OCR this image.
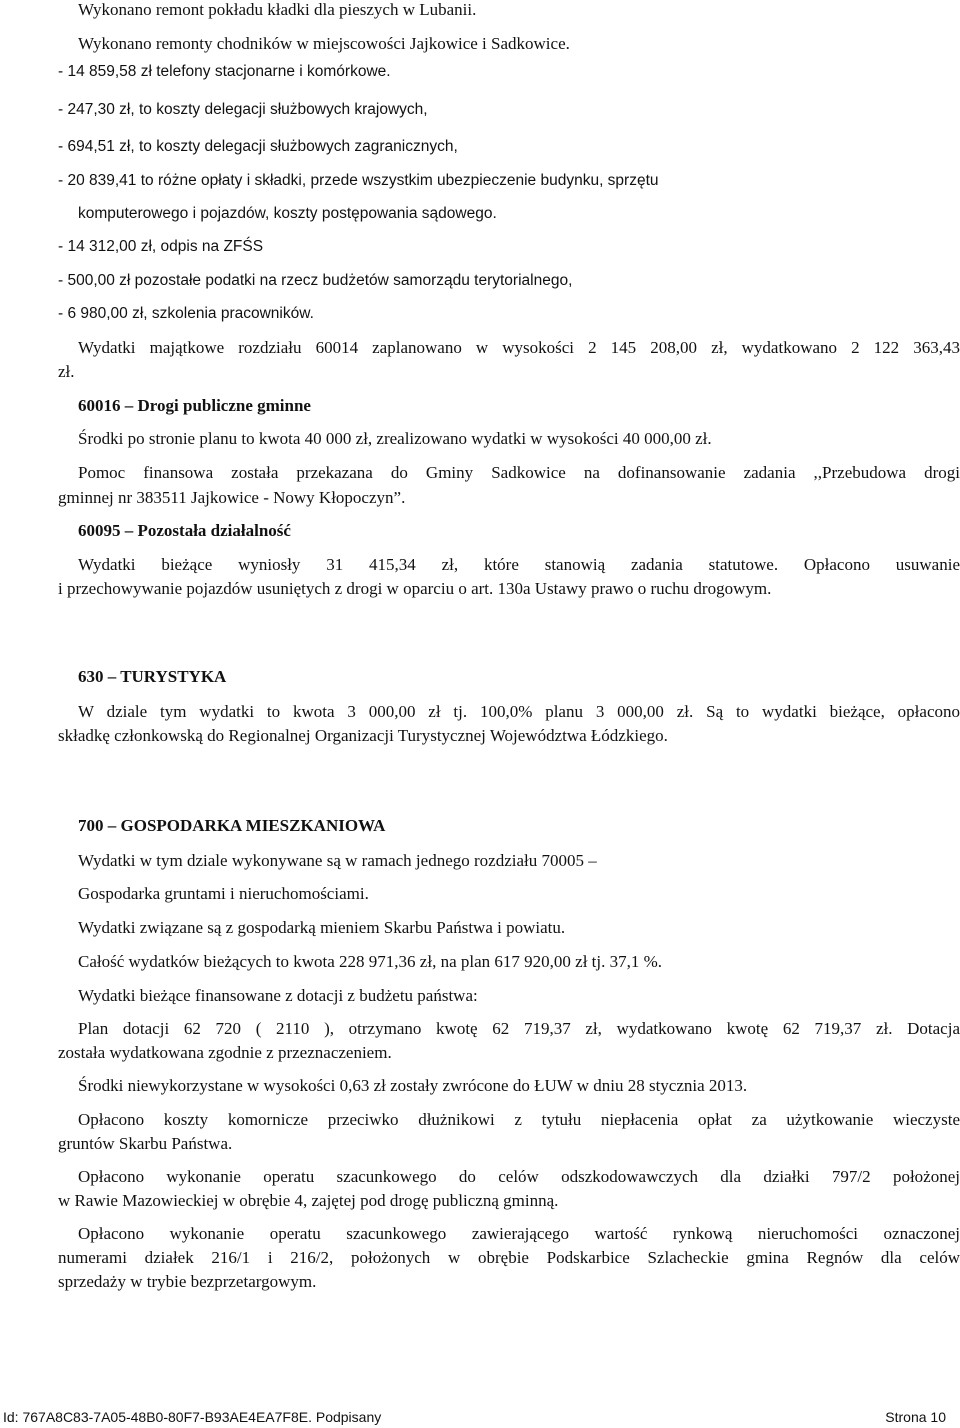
Wykonano remont pokładu kładki dla pieszych w Lubanii.
Wykonano remonty chodników w miejscowości Jajkowice i Sadkowice.
- 14 859,58 zł telefony stacjonarne i komórkowe.
- 247,30 zł, to koszty delegacji służbowych krajowych,
- 694,51 zł, to koszty delegacji służbowych zagranicznych,
- 20 839,41 to różne opłaty i składki, przede wszystkim ubezpieczenie budynku, sprzętu
komputerowego i pojazdów, koszty postępowania sądowego.
- 14 312,00 zł, odpis na ZFŚS
- 500,00 zł pozostałe podatki na rzecz budżetów samorządu terytorialnego,
- 6 980,00 zł, szkolenia pracowników.
Wydatki majątkowe rozdziału 60014 zaplanowano w wysokości 2 145 208,00 zł, wydatkowano 2 122 363,43
zł.
60016 – Drogi publiczne gminne
Środki po stronie planu to kwota 40 000 zł, zrealizowano wydatki w wysokości 40 000,00 zł.
Pomoc finansowa została przekazana do Gminy Sadkowice na dofinansowanie zadania ,,Przebudowa drogi
gminnej nr 383511 Jajkowice - Nowy Kłopoczyn”.
60095 – Pozostała działalność
Wydatki bieżące wyniosły 31 415,34 zł, które stanowią zadania statutowe. Opłacono usuwanie
i przechowywanie pojazdów usuniętych z drogi w oparciu o art. 130a Ustawy prawo o ruchu drogowym.
630 – TURYSTYKA
W dziale tym wydatki to kwota 3 000,00 zł tj. 100,0% planu 3 000,00 zł. Są to wydatki bieżące, opłacono
składkę członkowską do Regionalnej Organizacji Turystycznej Województwa Łódzkiego.
700 – GOSPODARKA MIESZKANIOWA
Wydatki w tym dziale wykonywane są w ramach jednego rozdziału 70005 –
Gospodarka gruntami i nieruchomościami.
Wydatki związane są z gospodarką mieniem Skarbu Państwa i powiatu.
Całość wydatków bieżących to kwota 228 971,36 zł, na plan 617 920,00 zł tj. 37,1 %.
Wydatki bieżące finansowane z dotacji z budżetu państwa:
Plan dotacji 62 720 ( 2110 ), otrzymano kwotę 62 719,37 zł, wydatkowano kwotę 62 719,37 zł. Dotacja
została wydatkowana zgodnie z przeznaczeniem.
Środki niewykorzystane w wysokości 0,63 zł zostały zwrócone do ŁUW w dniu 28 stycznia 2013.
Opłacono koszty komornicze przeciwko dłużnikowi z tytułu niepłacenia opłat za użytkowanie wieczyste
gruntów Skarbu Państwa.
Opłacono wykonanie operatu szacunkowego do celów odszkodowawczych dla działki 797/2 położonej
w Rawie Mazowieckiej w obrębie 4, zajętej pod drogę publiczną gminną.
Opłacono wykonanie operatu szacunkowego zawierającego wartość rynkową nieruchomości oznaczonej
numerami działek 216/1 i 216/2, położonych w obrębie Podskarbice Szlacheckie gmina Regnów dla celów
sprzedaży w trybie bezprzetargowym.
Id: 767A8C83-7A05-48B0-80F7-B93AE4EA7F8E. Podpisany	Strona 10
